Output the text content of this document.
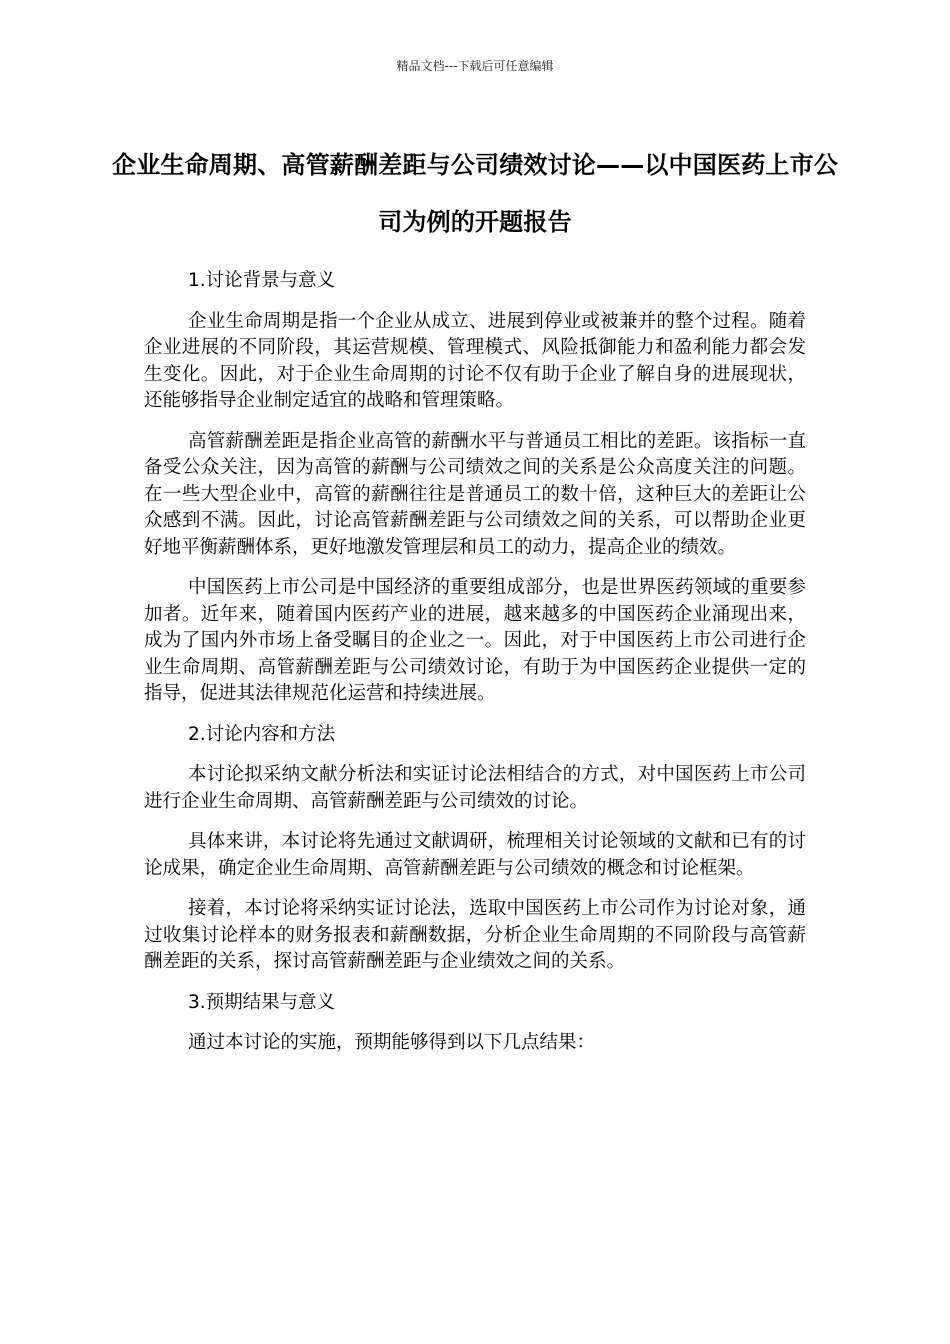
精品文档---下载后可任意编辑
企业生命周期、高管薪酬差距与公司绩效讨论——以中国医药上市公司为例的开题报告

1.讨论背景与意义

企业生命周期是指一个企业从成立、进展到停业或被兼并的整个过程。随着企业进展的不同阶段，其运营规模、管理模式、风险抵御能力和盈利能力都会发生变化。因此，对于企业生命周期的讨论不仅有助于企业了解自身的进展现状，还能够指导企业制定适宜的战略和管理策略。

高管薪酬差距是指企业高管的薪酬水平与普通员工相比的差距。该指标一直备受公众关注，因为高管的薪酬与公司绩效之间的关系是公众高度关注的问题。在一些大型企业中，高管的薪酬往往是普通员工的数十倍，这种巨大的差距让公众感到不满。因此，讨论高管薪酬差距与公司绩效之间的关系，可以帮助企业更好地平衡薪酬体系，更好地激发管理层和员工的动力，提高企业的绩效。

中国医药上市公司是中国经济的重要组成部分，也是世界医药领域的重要参加者。近年来，随着国内医药产业的进展，越来越多的中国医药企业涌现出来，成为了国内外市场上备受瞩目的企业之一。因此，对于中国医药上市公司进行企业生命周期、高管薪酬差距与公司绩效讨论，有助于为中国医药企业提供一定的指导，促进其法律规范化运营和持续进展。

2.讨论内容和方法

本讨论拟采纳文献分析法和实证讨论法相结合的方式，对中国医药上市公司进行企业生命周期、高管薪酬差距与公司绩效的讨论。

具体来讲，本讨论将先通过文献调研，梳理相关讨论领域的文献和已有的讨论成果，确定企业生命周期、高管薪酬差距与公司绩效的概念和讨论框架。

接着，本讨论将采纳实证讨论法，选取中国医药上市公司作为讨论对象，通过收集讨论样本的财务报表和薪酬数据，分析企业生命周期的不同阶段与高管薪酬差距的关系，探讨高管薪酬差距与企业绩效之间的关系。

3.预期结果与意义

通过本讨论的实施，预期能够得到以下几点结果：
